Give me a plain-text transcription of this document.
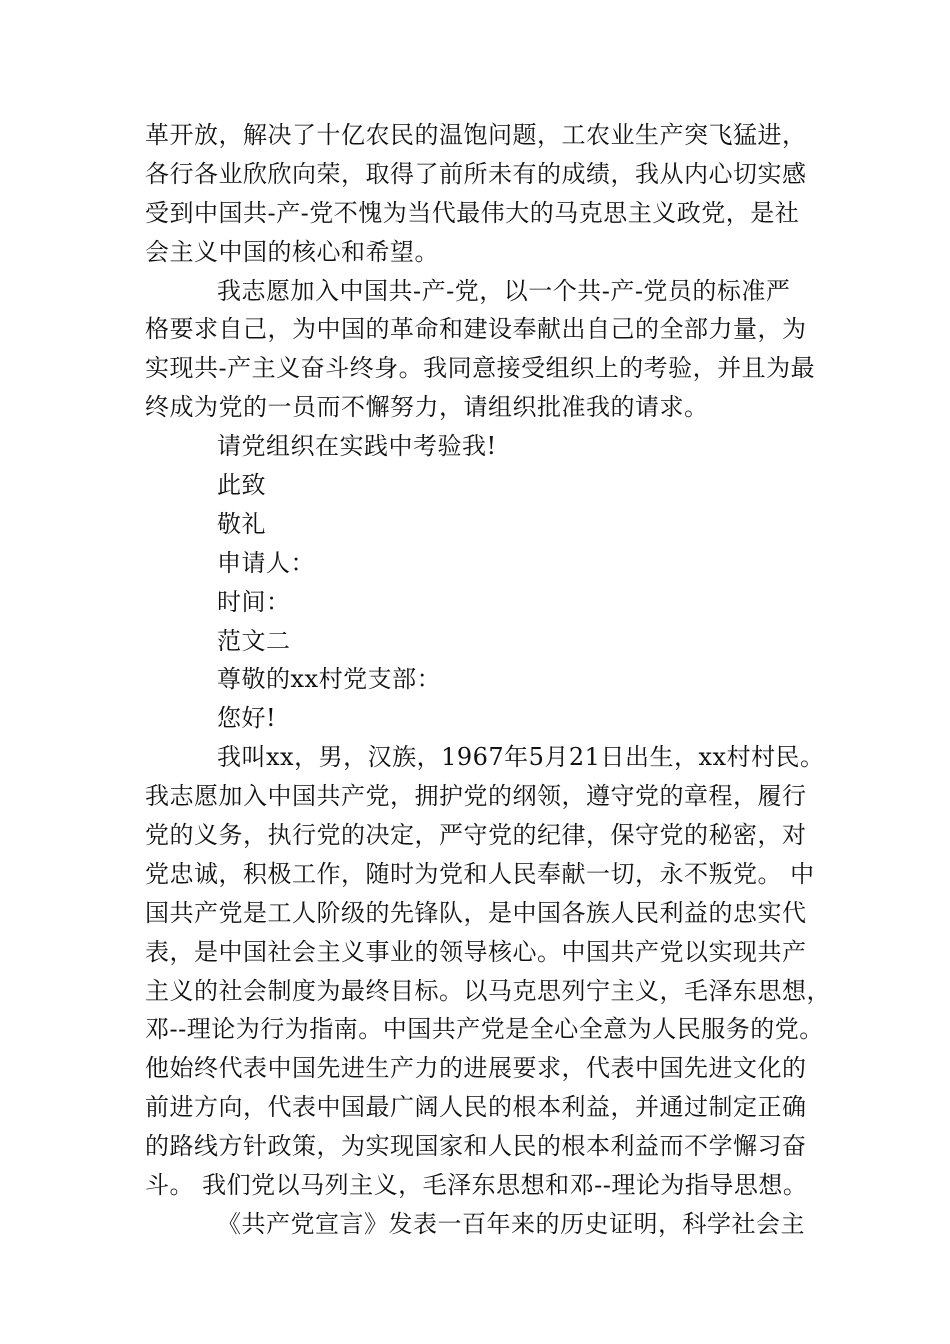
革开放，解决了十亿农民的温饱问题，工农业生产突飞猛进，
各行各业欣欣向荣，取得了前所未有的成绩，我从内心切实感
受到中国共-产-党不愧为当代最伟大的马克思主义政党，是社
会主义中国的核心和希望。
我志愿加入中国共-产-党，以一个共-产-党员的标准严
格要求自己，为中国的革命和建设奉献出自己的全部力量，为
实现共-产主义奋斗终身。我同意接受组织上的考验，并且为最
终成为党的一员而不懈努力，请组织批准我的请求。
请党组织在实践中考验我!
此致
敬礼
申请人：
时间：
范文二
尊敬的xx村党支部：
您好!
我叫xx，男，汉族，1967年5月21日出生，xx村村民。
我志愿加入中国共产党，拥护党的纲领，遵守党的章程，履行
党的义务，执行党的决定，严守党的纪律，保守党的秘密，对
党忠诚，积极工作，随时为党和人民奉献一切，永不叛党。 中
国共产党是工人阶级的先锋队，是中国各族人民利益的忠实代
表，是中国社会主义事业的领导核心。中国共产党以实现共产
主义的社会制度为最终目标。以马克思列宁主义，毛泽东思想，
邓--理论为行为指南。中国共产党是全心全意为人民服务的党。
他始终代表中国先进生产力的进展要求，代表中国先进文化的
前进方向，代表中国最广阔人民的根本利益，并通过制定正确
的路线方针政策，为实现国家和人民的根本利益而不学懈习奋
斗。 我们党以马列主义，毛泽东思想和邓--理论为指导思想。
《共产党宣言》发表一百年来的历史证明，科学社会主
